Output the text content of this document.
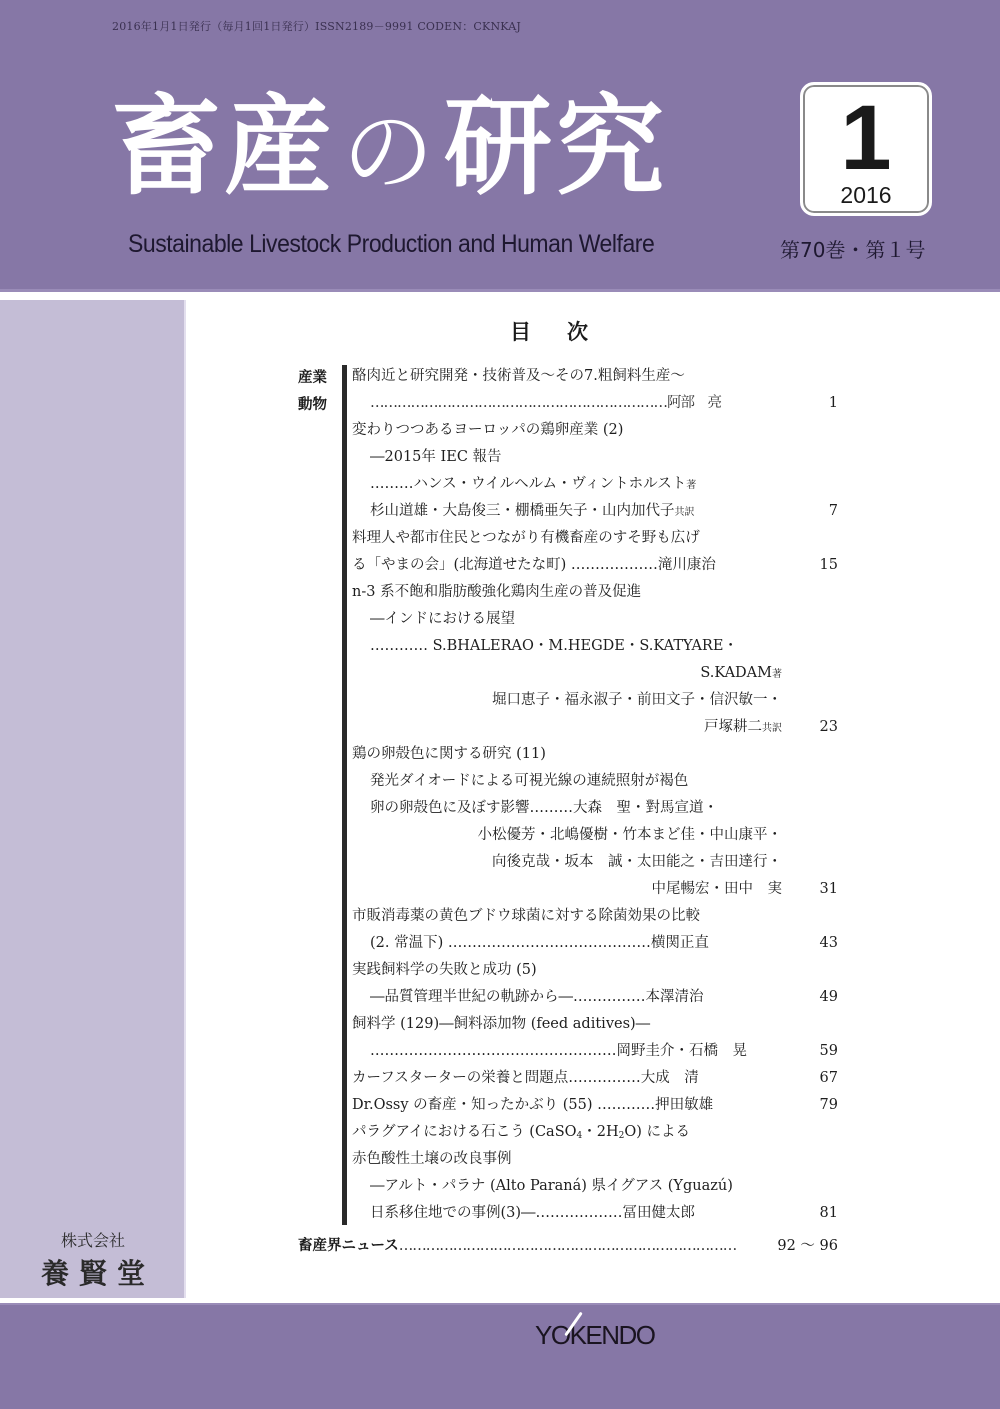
2016年1月1日発行（毎月1回1日発行）ISSN2189－9991 CODEN：CKNKAJ
畜産の研究
Sustainable Livestock Production and Human Welfare
1
2016
第70巻・第１号
株式会社
養賢堂
目次
産業
動物
酪肉近と研究開発・技術普及～その7.粗飼料生産～
…………………………………………………………阿部　亮	1
変わりつつあるヨーロッパの鶏卵産業 (2)
―2015年 IEC 報告
………ハンス・ウイルヘルム・ヴィントホルスト著
杉山道雄・大島俊三・棚橋亜矢子・山内加代子共訳	7
料理人や都市住民とつながり有機畜産のすそ野も広げ
る「やまの会」(北海道せたな町) ………………滝川康治	15
n-3 系不飽和脂肪酸強化鶏肉生産の普及促進
―インドにおける展望
………… S.BHALERAO・M.HEGDE・S.KATYARE・
S.KADAM著
堀口恵子・福永淑子・前田文子・信沢敏一・
戸塚耕二共訳	23
鶏の卵殻色に関する研究 (11)
発光ダイオードによる可視光線の連続照射が褐色
卵の卵殻色に及ぼす影響………大森　聖・對馬宣道・
小松優芳・北嶋優樹・竹本まど佳・中山康平・
向後克哉・坂本　誠・太田能之・吉田達行・
中尾暢宏・田中　実	31
市販消毒薬の黄色ブドウ球菌に対する除菌効果の比較
(2. 常温下) ……………………………………横関正直	43
実践飼料学の失敗と成功 (5)
―品質管理半世紀の軌跡から―……………本澤清治	49
飼料学 (129)―飼料添加物 (feed aditives)―
……………………………………………岡野圭介・石橋　晃	59
カーフスターターの栄養と問題点……………大成　清	67
Dr.Ossy の畜産・知ったかぶり (55) …………押田敏雄	79
パラグアイにおける石こう (CaSO$_4$・$2H_2O$) による
赤色酸性土壌の改良事例
―アルト・パラナ (Alto Paraná) 県イグアス (Yguazú)
日系移住地での事例(3)―………………冨田健太郎	81
畜産界ニュース…………………………………………………………………	92 ～ 96
YOKENDO
